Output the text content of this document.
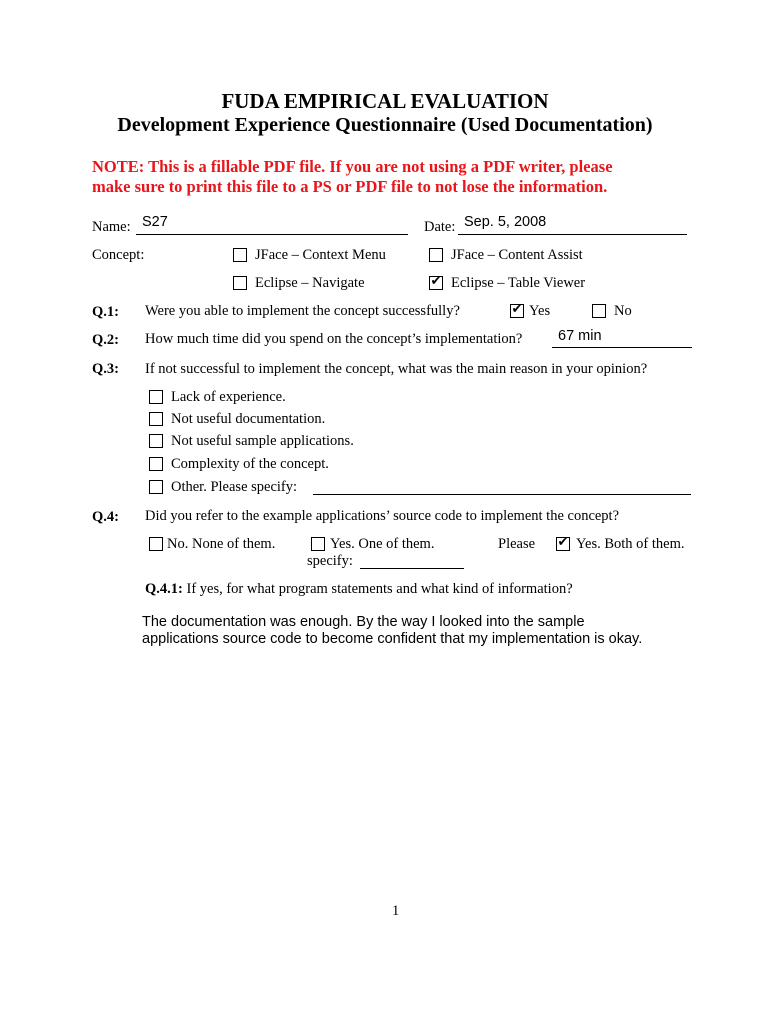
FUDA EMPIRICAL EVALUATION
Development Experience Questionnaire (Used Documentation)
NOTE: This is a fillable PDF file. If you are not using a PDF writer, please
make sure to print this file to a PS or PDF file to not lose the information.
Name: S27	Date: Sep. 5, 2008
Concept:	JFace – Context Menu	JFace – Content Assist
Eclipse – Navigate	✔ Eclipse – Table Viewer
Q.1: Were you able to implement the concept successfully?	✔ Yes	No
Q.2: How much time did you spend on the concept’s implementation? 67 min
Q.3: If not successful to implement the concept, what was the main reason in your opinion?
Lack of experience.
Not useful documentation.
Not useful sample applications.
Complexity of the concept.
Other. Please specify:
Q.4: Did you refer to the example applications’ source code to implement the concept?
No. None of them.	Yes. One of them.	Please ✔ Yes. Both of them.
specify:
Q.4.1: If yes, for what program statements and what kind of information?
The documentation was enough. By the way I looked into the sample
applications source code to become confident that my implementation is okay.
1
